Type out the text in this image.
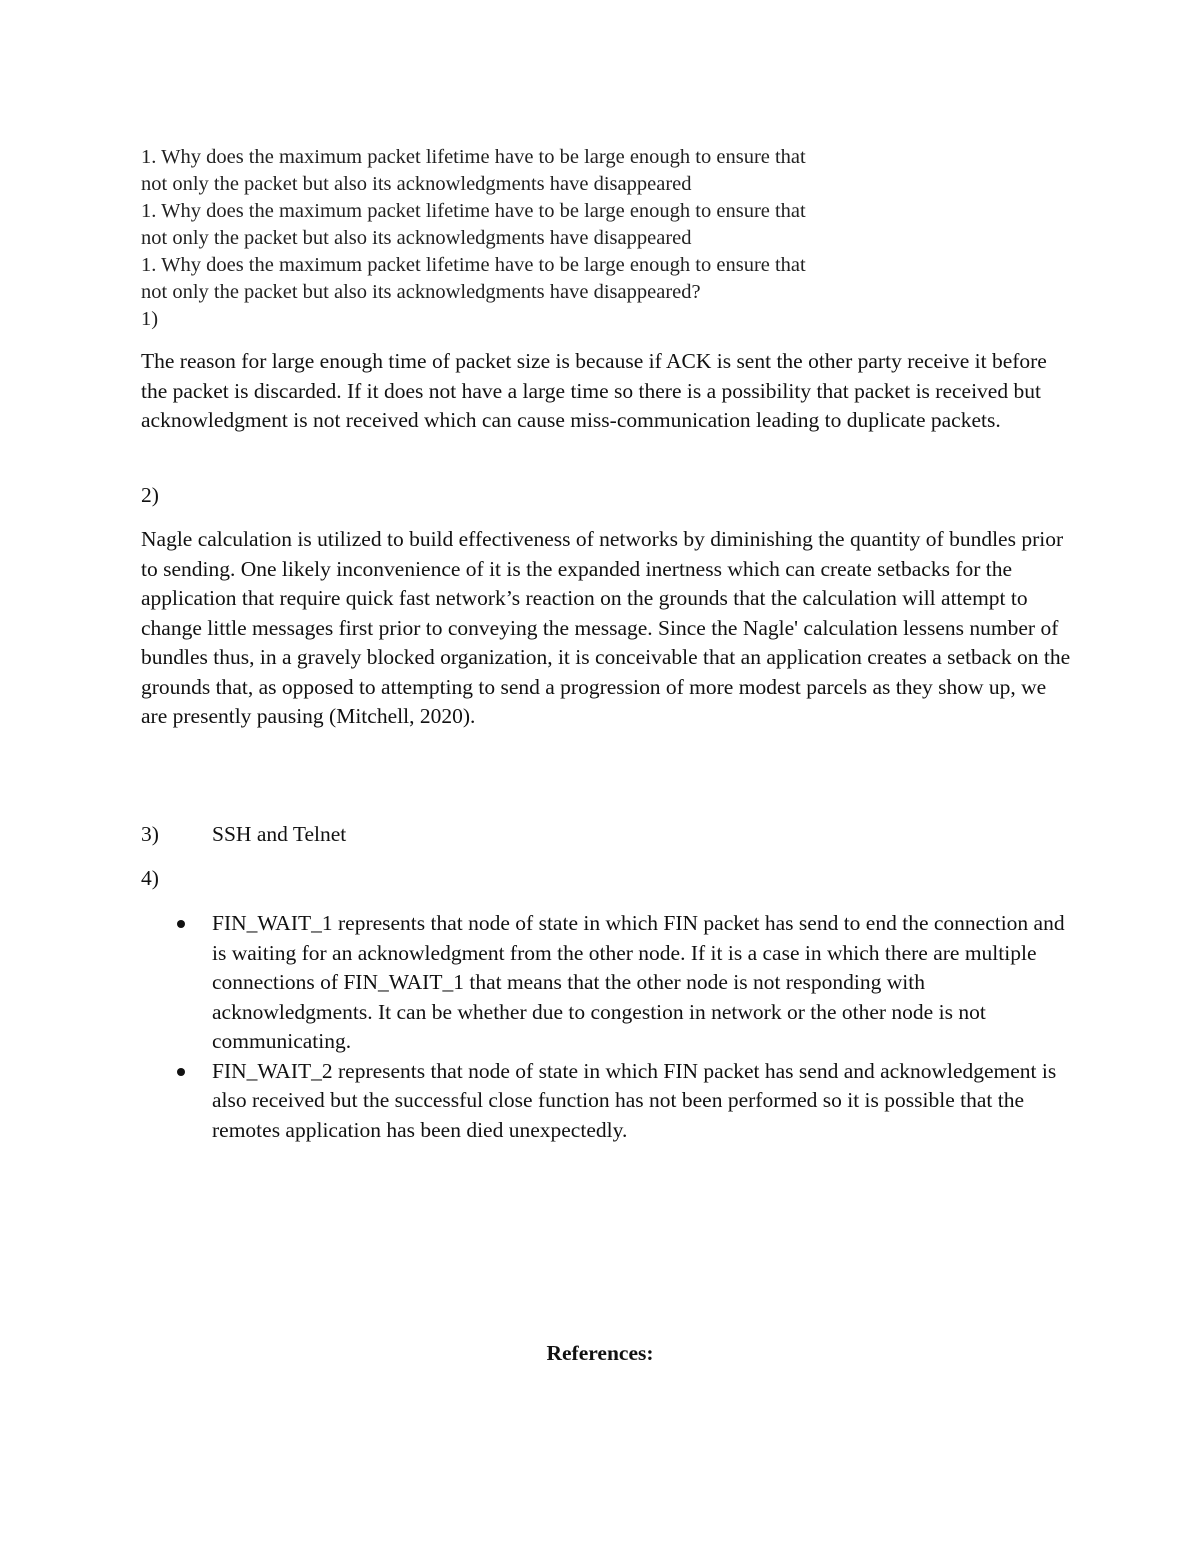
1. Why does the maximum packet lifetime have to be large enough to ensure that
not only the packet but also its acknowledgments have disappeared
1. Why does the maximum packet lifetime have to be large enough to ensure that
not only the packet but also its acknowledgments have disappeared
1. Why does the maximum packet lifetime have to be large enough to ensure that
not only the packet but also its acknowledgments have disappeared?
1)
The reason for large enough time of packet size is because if ACK is sent the other party receive it before the packet is discarded. If it does not have a large time so there is a possibility that packet is received but acknowledgment is not received which can cause miss-communication leading to duplicate packets.
2)
Nagle calculation is utilized to build effectiveness of networks by diminishing the quantity of bundles prior to sending. One likely inconvenience of it is the expanded inertness which can create setbacks for the application that require quick fast network’s reaction on the grounds that the calculation will attempt to change little messages first prior to conveying the message. Since the Nagle' calculation lessens number of bundles thus, in a gravely blocked organization, it is conceivable that an application creates a setback on the grounds that, as opposed to attempting to send a progression of more modest parcels as they show up, we are presently pausing (Mitchell, 2020).
3) SSH and Telnet
4)
FIN_WAIT_1 represents that node of state in which FIN packet has send to end the connection and is waiting for an acknowledgment from the other node. If it is a case in which there are multiple connections of FIN_WAIT_1 that means that the other node is not responding with acknowledgments. It can be whether due to congestion in network or the other node is not communicating.
FIN_WAIT_2 represents that node of state in which FIN packet has send and acknowledgement is also received but the successful close function has not been performed so it is possible that the remotes application has been died unexpectedly.
References:
